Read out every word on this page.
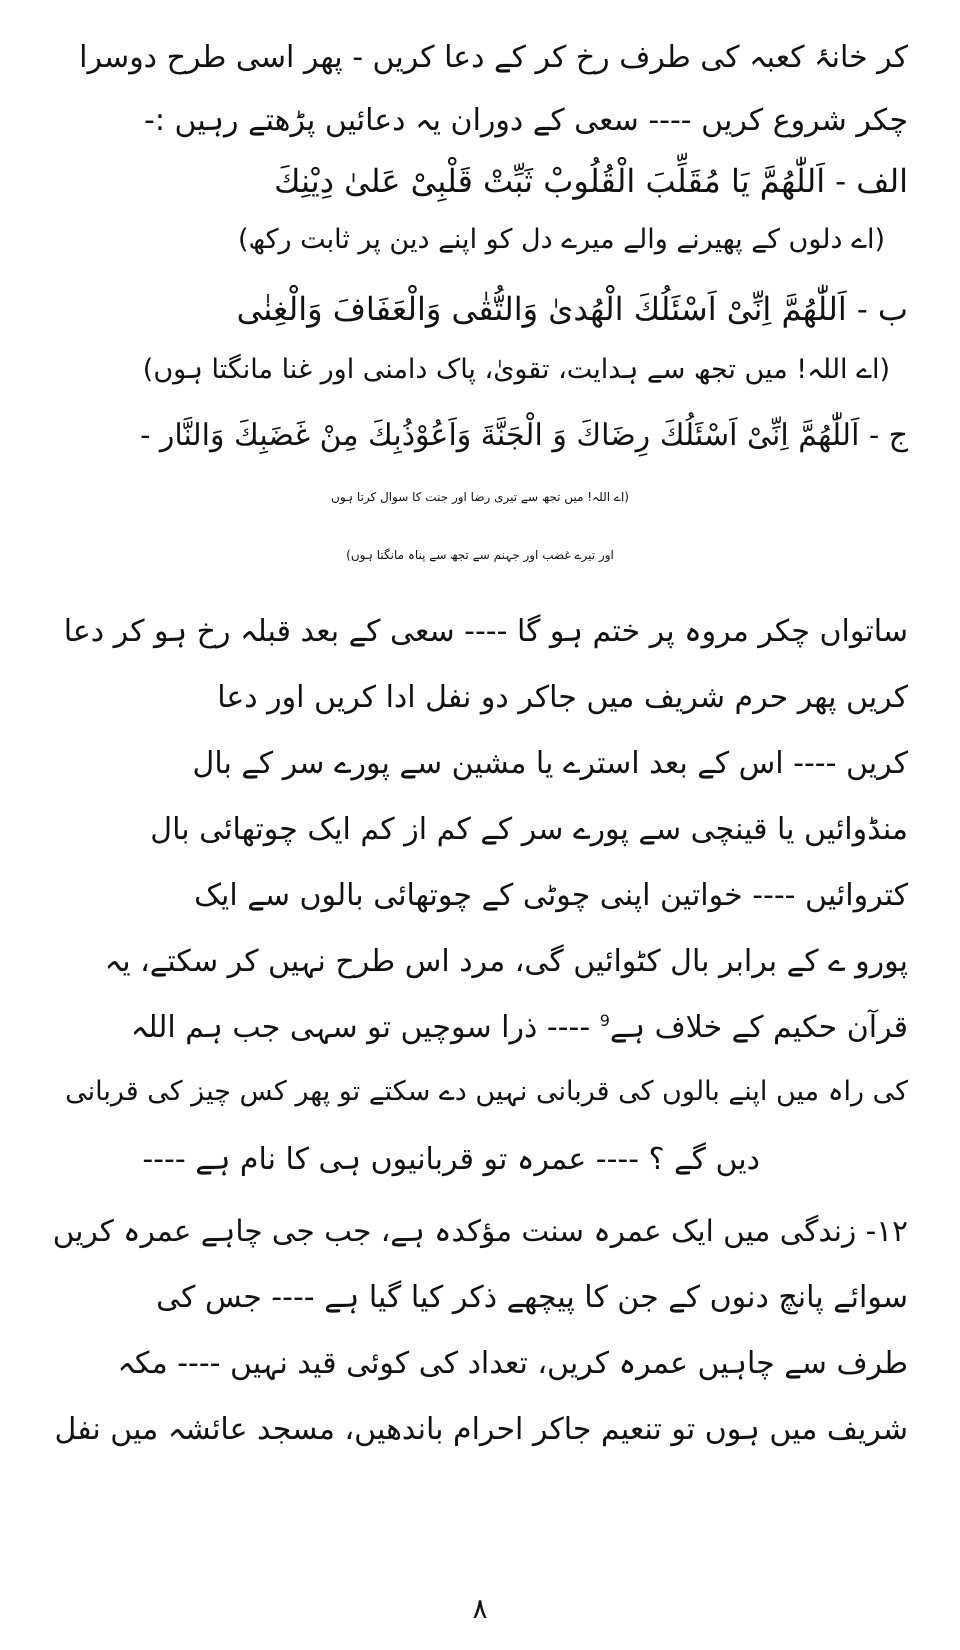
کر خانۂ کعبہ کی طرف رخ کر کے دعا کریں - پھر اسی طرح دوسرا
چکر شروع کریں ---- سعی کے دوران یہ دعائیں پڑھتے رہیں :-
الف - اَللّٰھُمَّ یَا مُقَلِّبَ الْقُلُوبْ ثَبِّتْ قَلْبِیْ عَلیٰ دِیْنِكَ
(اے دلوں کے پھیرنے والے میرے دل کو اپنے دین پر ثابت رکھ)
ب - اَللّٰھُمَّ اِنِّیْ اَسْئَلُكَ الْھُدیٰ وَالتُّقٰی وَالْعَفَافَ وَالْغِنٰی
(اے اللہ! میں تجھ سے ہدایت، تقویٰ، پاک دامنی اور غنا مانگتا ہوں)
ج - اَللّٰھُمَّ اِنِّیْ اَسْئَلُكَ رِضَاكَ وَ الْجَنَّةَ وَاَعُوْذُبِكَ مِنْ غَضَبِكَ وَالنَّار -
(اے اللہ! میں تجھ سے تیری رضا اور جنت کا سوال کرتا ہوں
اور تیرے غضب اور جہنم سے تجھ سے پناہ مانگتا ہوں)
ساتواں چکر مروہ پر ختم ہو گا ---- سعی کے بعد قبلہ رخ ہو کر دعا
کریں پھر حرم شریف میں جاکر دو نفل ادا کریں اور دعا
کریں ---- اس کے بعد استرے یا مشین سے پورے سر کے بال
منڈوائیں یا قینچی سے پورے سر کے کم از کم ایک چوتھائی بال
کتروائیں ---- خواتین اپنی چوٹی کے چوتھائی بالوں سے ایک
پورو ے کے برابر بال کٹوائیں گی، مرد اس طرح نہیں کر سکتے، یہ
قرآن حکیم کے خلاف ہے$^9$ ---- ذرا سوچیں تو سہی جب ہم اللہ
کی راہ میں اپنے بالوں کی قربانی نہیں دے سکتے تو پھر کس چیز کی قربانی
دیں گے ؟ ---- عمرہ تو قربانیوں ہی کا نام ہے ----
۱۲- زندگی میں ایک عمرہ سنت مؤکدہ ہے، جب جی چاہے عمرہ کریں
سوائے پانچ دنوں کے جن کا پیچھے ذکر کیا گیا ہے ---- جس کی
طرف سے چاہیں عمرہ کریں، تعداد کی کوئی قید نہیں ---- مکہ
شریف میں ہوں تو تنعیم جاکر احرام باندھیں، مسجد عائشہ میں نفل
۸
